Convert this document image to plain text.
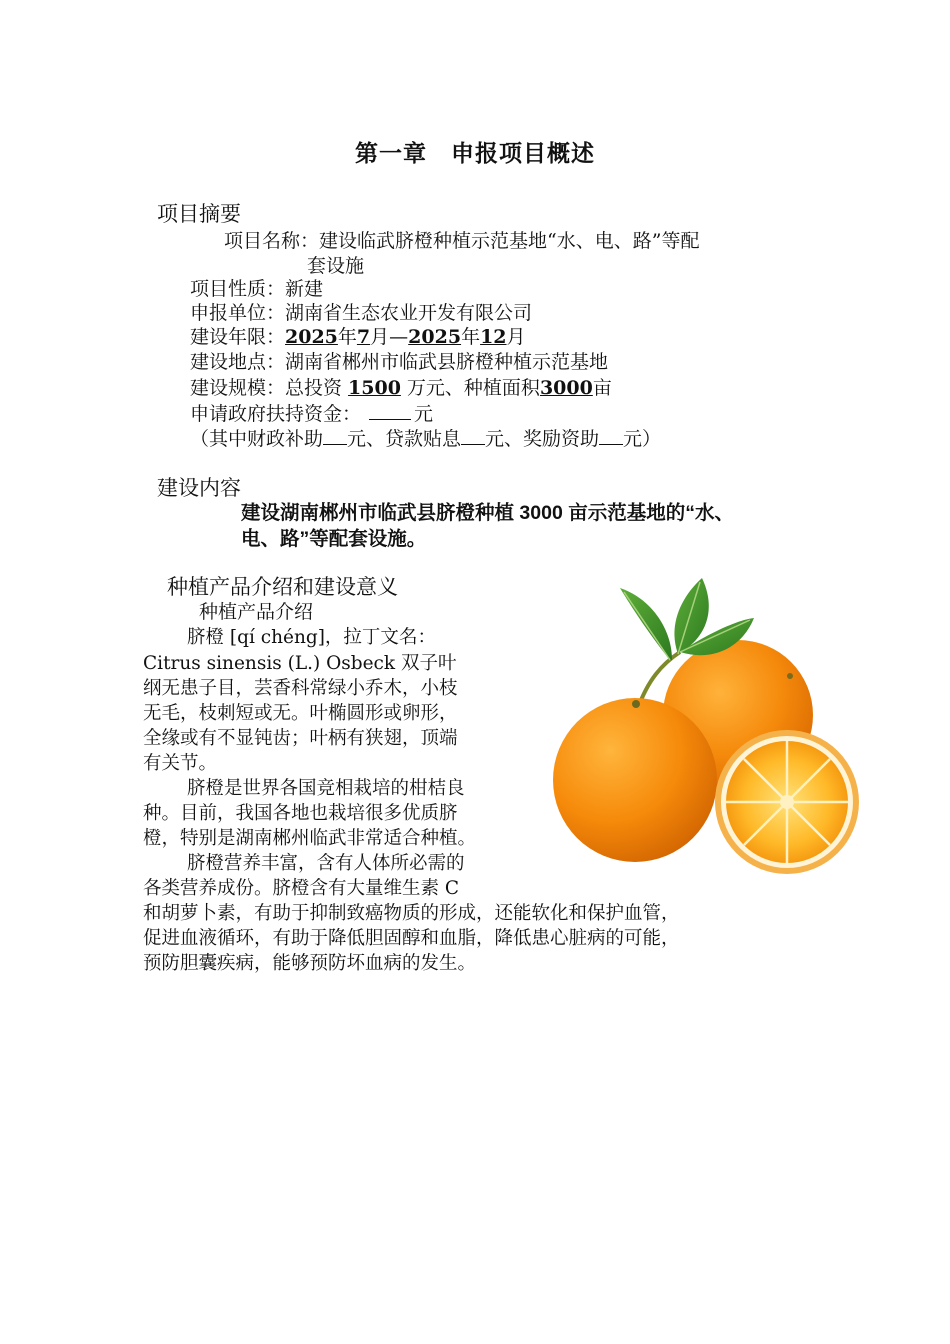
第一章　申报项目概述
项目摘要
项目名称：建设临武脐橙种植示范基地“水、电、路”等配
套设施
项目性质：新建
申报单位：湖南省生态农业开发有限公司
建设年限：2025年7月—2025年12月
建设地点：湖南省郴州市临武县脐橙种植示范基地
建设规模：总投资 1500 万元、种植面积3000亩
申请政府扶持资金：	元
（其中财政补助 元、贷款贴息 元、奖励资助 元）
建设内容
建设湖南郴州市临武县脐橙种植 3000 亩示范基地的“水、
电、路”等配套设施。
种植产品介绍和建设意义
种植产品介绍
脐橙 [qí chéng]，拉丁文名：
Citrus sinensis (L.) Osbeck 双子叶
纲无患子目，芸香科常绿小乔木，小枝
无毛，枝刺短或无。叶椭圆形或卵形，
全缘或有不显钝齿；叶柄有狭翅，顶端
有关节。
脐橙是世界各国竞相栽培的柑桔良
种。目前，我国各地也栽培很多优质脐
橙，特别是湖南郴州临武非常适合种植。
脐橙营养丰富，含有人体所必需的
各类营养成份。脐橙含有大量维生素 C
和胡萝卜素，有助于抑制致癌物质的形成，还能软化和保护血管，
促进血液循环，有助于降低胆固醇和血脂，降低患心脏病的可能，
预防胆囊疾病，能够预防坏血病的发生。
